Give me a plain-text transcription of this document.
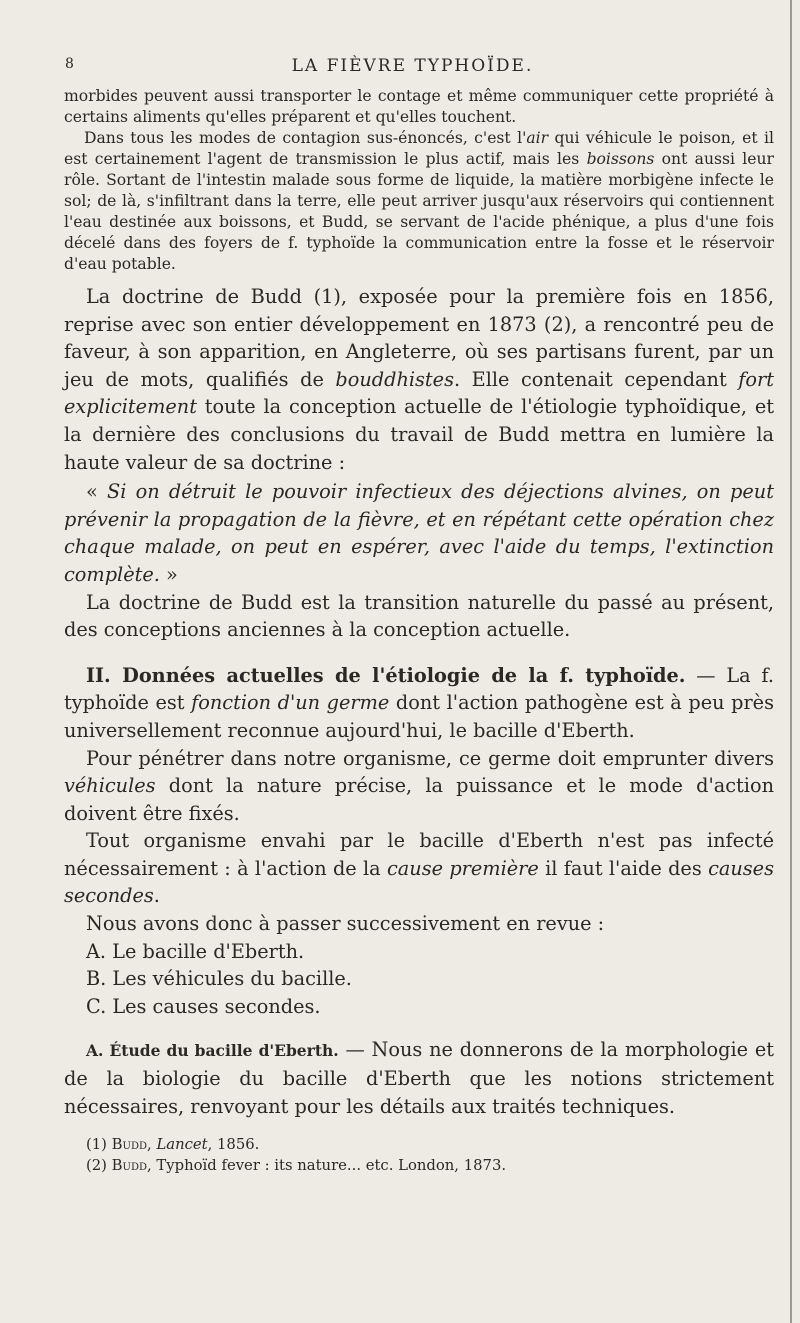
8	LA FIÈVRE TYPHOÏDE.

morbides peuvent aussi transporter le contage et même communiquer cette propriété à certains aliments qu'elles préparent et qu'elles touchent.

Dans tous les modes de contagion sus-énoncés, c'est l'air qui véhicule le poison, et il est certainement l'agent de transmission le plus actif, mais les boissons ont aussi leur rôle. Sortant de l'intestin malade sous forme de liquide, la matière morbigène infecte le sol; de là, s'infiltrant dans la terre, elle peut arriver jusqu'aux réservoirs qui contiennent l'eau destinée aux boissons, et Budd, se servant de l'acide phénique, a plus d'une fois décelé dans des foyers de f. typhoïde la communication entre la fosse et le réservoir d'eau potable.

La doctrine de Budd (1), exposée pour la première fois en 1856, reprise avec son entier développement en 1873 (2), a rencontré peu de faveur, à son apparition, en Angleterre, où ses partisans furent, par un jeu de mots, qualifiés de bouddhistes. Elle contenait cependant fort explicitement toute la conception actuelle de l'étiologie typhoïdique, et la dernière des conclusions du travail de Budd mettra en lumière la haute valeur de sa doctrine :

« Si on détruit le pouvoir infectieux des déjections alvines, on peut prévenir la propagation de la fièvre, et en répétant cette opération chez chaque malade, on peut en espérer, avec l'aide du temps, l'extinction complète. »

La doctrine de Budd est la transition naturelle du passé au présent, des conceptions anciennes à la conception actuelle.

II. Données actuelles de l'étiologie de la f. typhoïde. — La f. typhoïde est fonction d'un germe dont l'action pathogène est à peu près universellement reconnue aujourd'hui, le bacille d'Eberth.

Pour pénétrer dans notre organisme, ce germe doit emprunter divers véhicules dont la nature précise, la puissance et le mode d'action doivent être fixés.

Tout organisme envahi par le bacille d'Eberth n'est pas infecté nécessairement : à l'action de la cause première il faut l'aide des causes secondes.

Nous avons donc à passer successivement en revue :

A. Le bacille d'Eberth.

B. Les véhicules du bacille.

C. Les causes secondes.

A. Étude du bacille d'Eberth. — Nous ne donnerons de la morphologie et de la biologie du bacille d'Eberth que les notions strictement nécessaires, renvoyant pour les détails aux traités techniques.

(1) Budd, Lancet, 1856.

(2) Budd, Typhoïd fever : its nature... etc. London, 1873.
